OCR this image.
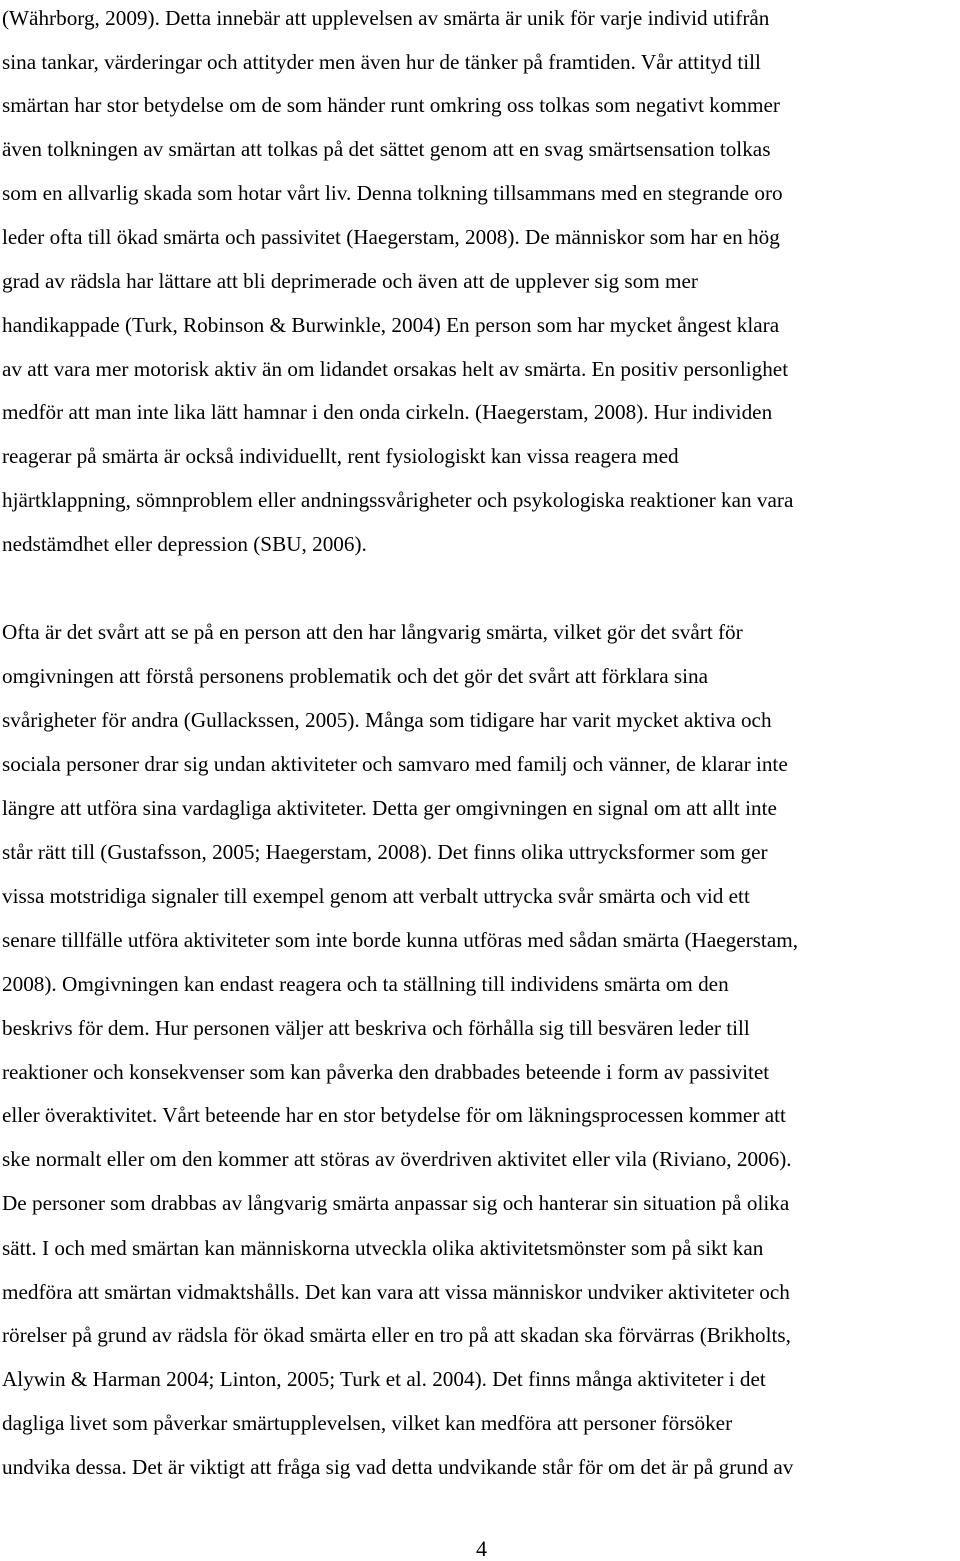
(Währborg, 2009). Detta innebär att upplevelsen av smärta är unik för varje individ utifrån
sina tankar, värderingar och attityder men även hur de tänker på framtiden. Vår attityd till
smärtan har stor betydelse om de som händer runt omkring oss tolkas som negativt kommer
även tolkningen av smärtan att tolkas på det sättet genom att en svag smärtsensation tolkas
som en allvarlig skada som hotar vårt liv. Denna tolkning tillsammans med en stegrande oro
leder ofta till ökad smärta och passivitet (Haegerstam, 2008). De människor som har en hög
grad av rädsla har lättare att bli deprimerade och även att de upplever sig som mer
handikappade (Turk, Robinson & Burwinkle, 2004) En person som har mycket ångest klara
av att vara mer motorisk aktiv än om lidandet orsakas helt av smärta. En positiv personlighet
medför att man inte lika lätt hamnar i den onda cirkeln. (Haegerstam, 2008). Hur individen
reagerar på smärta är också individuellt, rent fysiologiskt kan vissa reagera med
hjärtklappning, sömnproblem eller andningssvårigheter och psykologiska reaktioner kan vara
nedstämdhet eller depression (SBU, 2006).
Ofta är det svårt att se på en person att den har långvarig smärta, vilket gör det svårt för
omgivningen att förstå personens problematik och det gör det svårt att förklara sina
svårigheter för andra (Gullackssen, 2005). Många som tidigare har varit mycket aktiva och
sociala personer drar sig undan aktiviteter och samvaro med familj och vänner, de klarar inte
längre att utföra sina vardagliga aktiviteter. Detta ger omgivningen en signal om att allt inte
står rätt till (Gustafsson, 2005; Haegerstam, 2008). Det finns olika uttrycksformer som ger
vissa motstridiga signaler till exempel genom att verbalt uttrycka svår smärta och vid ett
senare tillfälle utföra aktiviteter som inte borde kunna utföras med sådan smärta (Haegerstam,
2008). Omgivningen kan endast reagera och ta ställning till individens smärta om den
beskrivs för dem. Hur personen väljer att beskriva och förhålla sig till besvären leder till
reaktioner och konsekvenser som kan påverka den drabbades beteende i form av passivitet
eller överaktivitet. Vårt beteende har en stor betydelse för om läkningsprocessen kommer att
ske normalt eller om den kommer att störas av överdriven aktivitet eller vila (Riviano, 2006).
De personer som drabbas av långvarig smärta anpassar sig och hanterar sin situation på olika
sätt. I och med smärtan kan människorna utveckla olika aktivitetsmönster som på sikt kan
medföra att smärtan vidmaktshålls. Det kan vara att vissa människor undviker aktiviteter och
rörelser på grund av rädsla för ökad smärta eller en tro på att skadan ska förvärras (Brikholts,
Alywin & Harman 2004; Linton, 2005; Turk et al. 2004). Det finns många aktiviteter i det
dagliga livet som påverkar smärtupplevelsen, vilket kan medföra att personer försöker
undvika dessa. Det är viktigt att fråga sig vad detta undvikande står för om det är på grund av
4
